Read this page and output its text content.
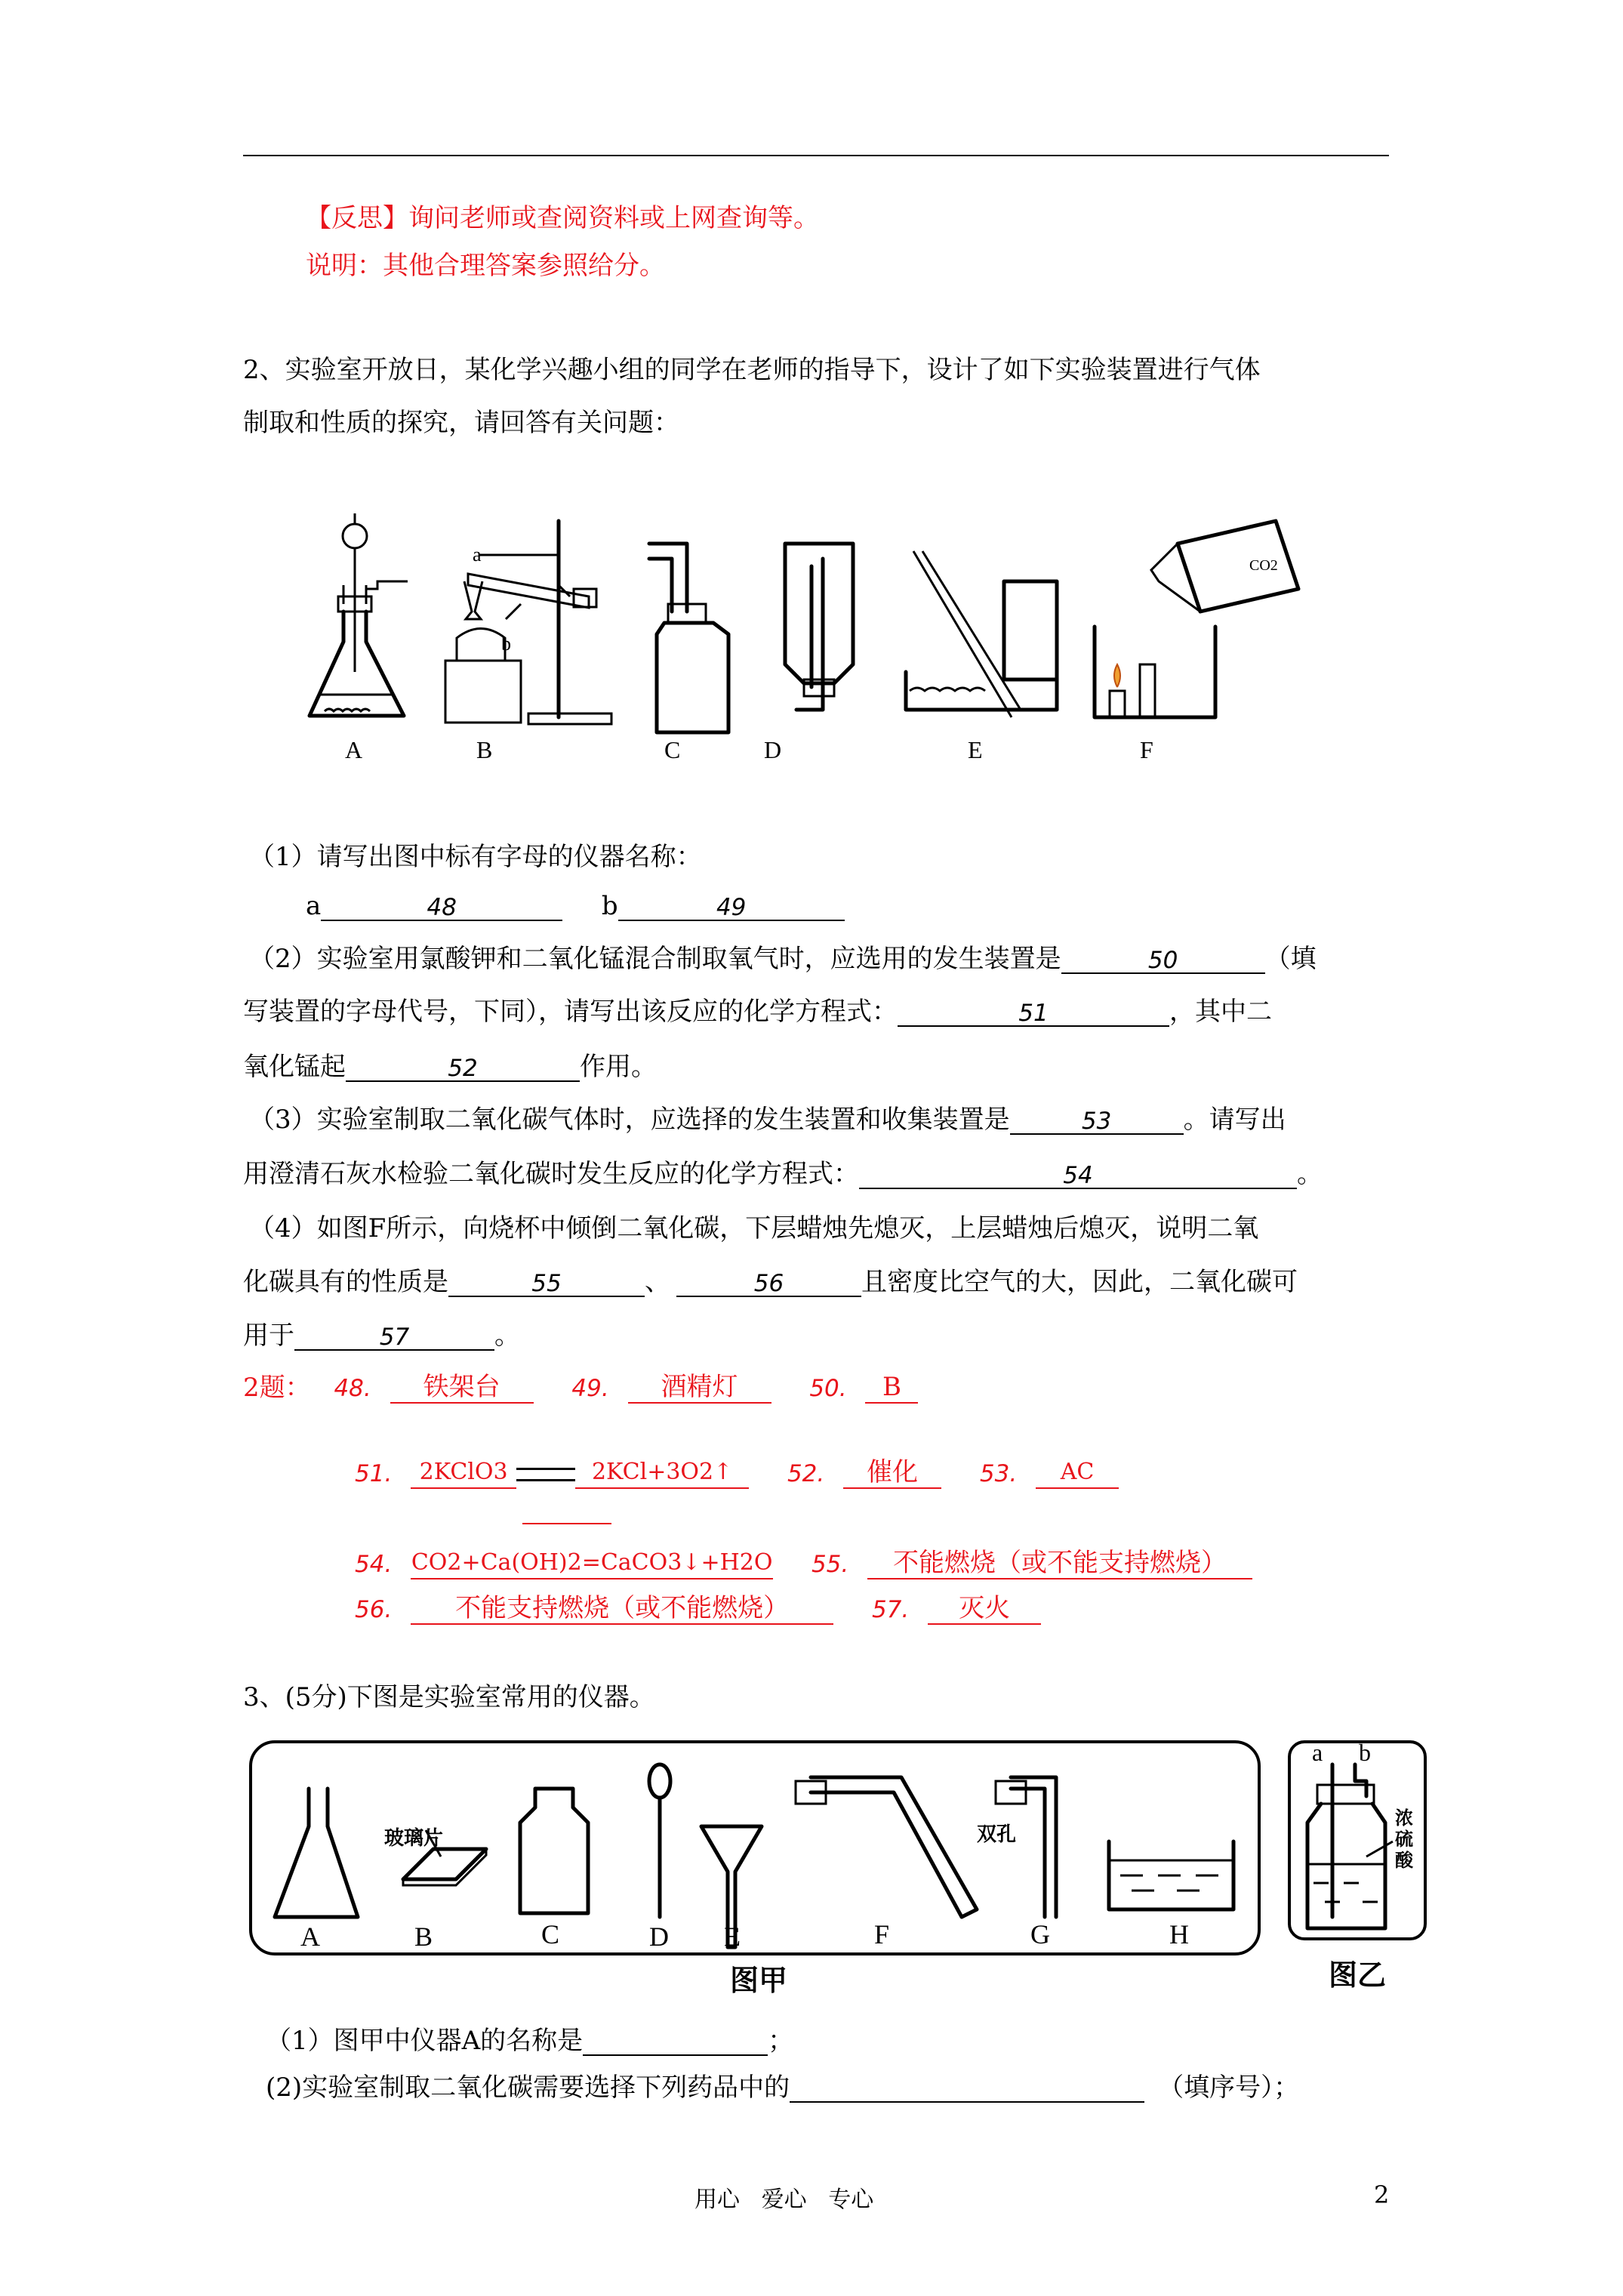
【反思】询问老师或查阅资料或上网查询等。
说明：其他合理答案参照给分。
2、实验室开放日，某化学兴趣小组的同学在老师的指导下，设计了如下实验装置进行气体
制取和性质的探究，请回答有关问题：
a
b
CO2
A	B	C	D	E	F
（1）请写出图中标有字母的仪器名称：
a	48	b	49
（2）实验室用氯酸钾和二氧化锰混合制取氧气时，应选用的发生装置是	50	（填
写装置的字母代号，下同），请写出该反应的化学方程式：	51	，其中二
氧化锰起	52	作用。
（3）实验室制取二氧化碳气体时，应选择的发生装置和收集装置是	53	。请写出
用澄清石灰水检验二氧化碳时发生反应的化学方程式：	54	。
（4）如图F所示，向烧杯中倾倒二氧化碳，下层蜡烛先熄灭，上层蜡烛后熄灭，说明二氧
化碳具有的性质是	55	、	56	且密度比空气的大，因此，二氧化碳可
用于	57	。
2题： 48. 铁架台	49. 酒精灯	50. B
51. 2KClO3	2KCl+3O2↑ 52. 催化	53. AC
54. CO2+Ca(OH)2=CaCO3↓+H2O 55. 不能燃烧（或不能支持燃烧）
56. 不能支持燃烧（或不能燃烧）	57. 灭火
3、(5分)下图是实验室常用的仪器。
玻璃片	双孔
A	B	C	D E	F	G	H
图甲
a b
浓
硫
酸
图乙
（1）图甲中仪器A的名称是	；
(2)实验室制取二氧化碳需要选择下列药品中的	（填序号）；
用心   爱心   专心	2
